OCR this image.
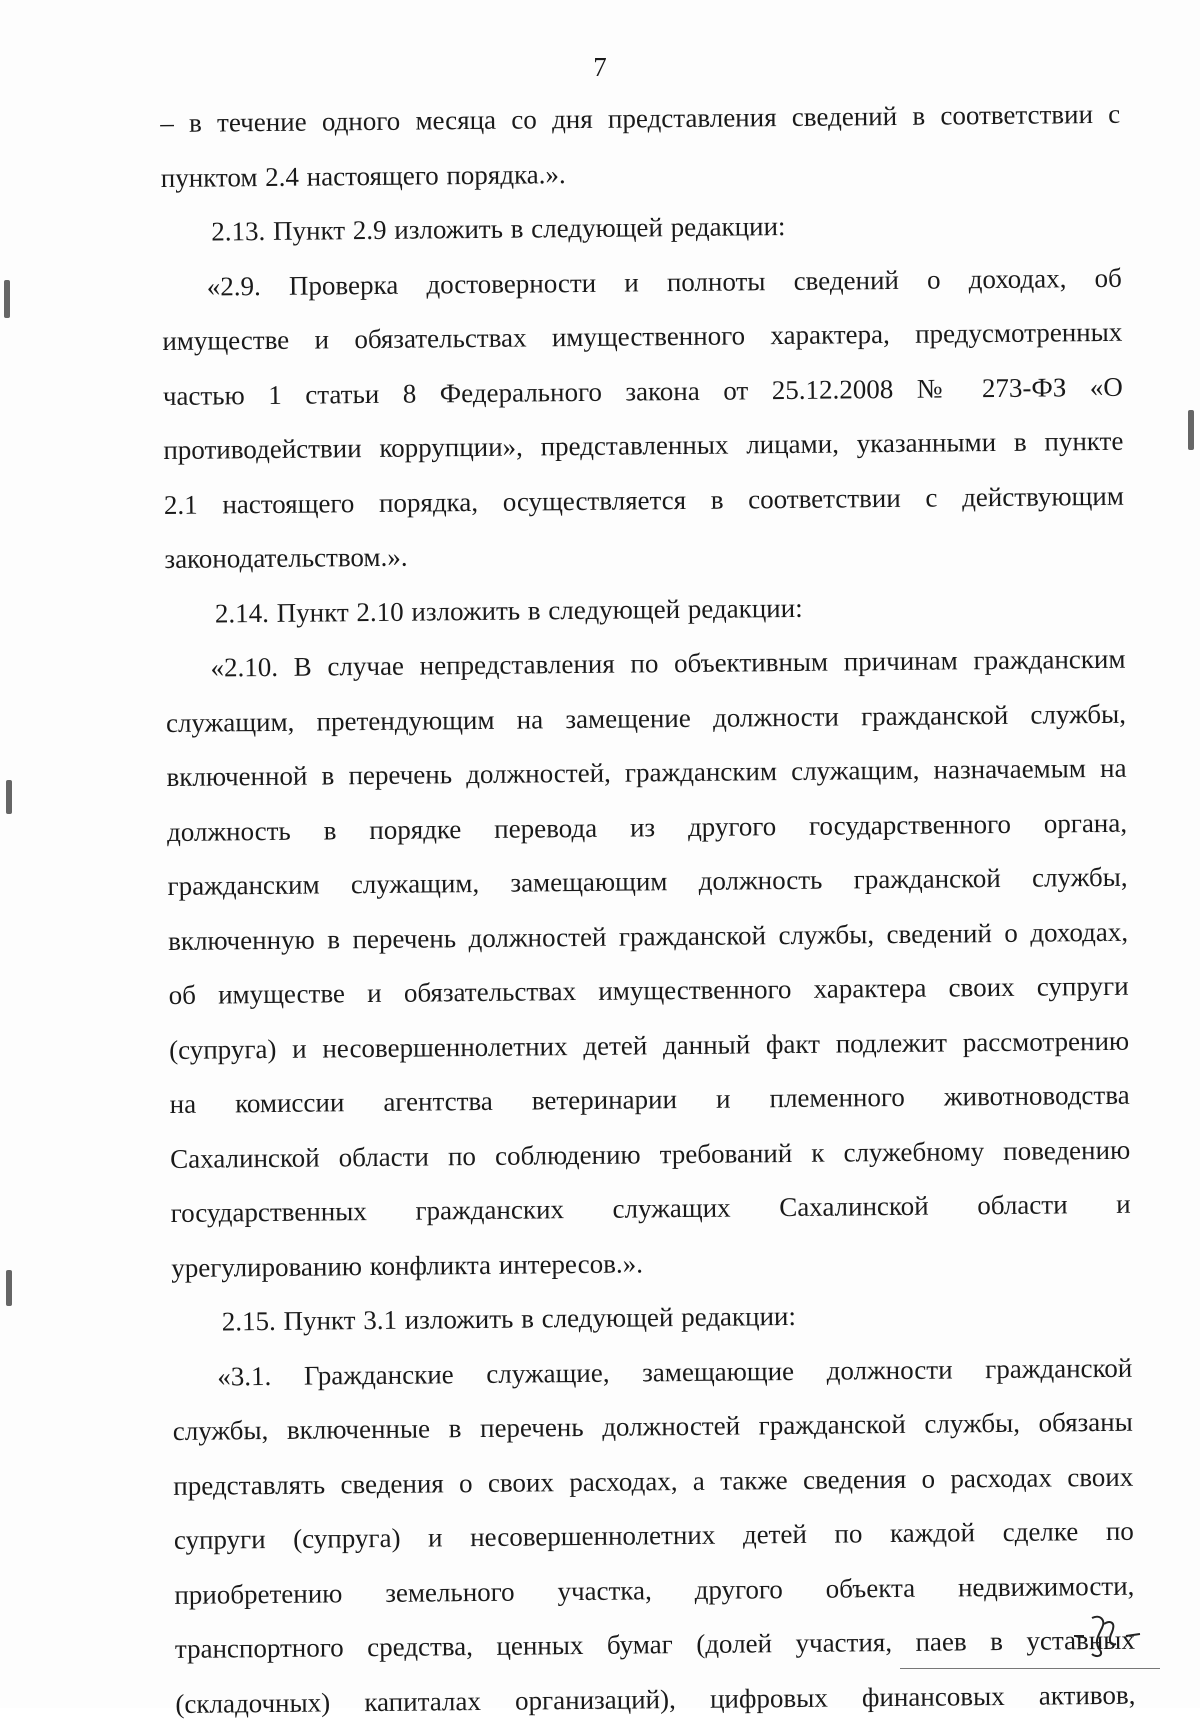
7
– в течение одного месяца со дня представления сведений в соответствии с
пунктом 2.4 настоящего порядка.».
2.13. Пункт 2.9 изложить в следующей редакции:
«2.9. Проверка достоверности и полноты сведений о доходах, об
имуществе и обязательствах имущественного характера, предусмотренных
частью 1 статьи 8 Федерального закона от 25.12.2008 № 273-ФЗ «О
противодействии коррупции», представленных лицами, указанными в пункте
2.1 настоящего порядка, осуществляется в соответствии с действующим
законодательством.».
2.14. Пункт 2.10 изложить в следующей редакции:
«2.10. В случае непредставления по объективным причинам гражданским
служащим, претендующим на замещение должности гражданской службы,
включенной в перечень должностей, гражданским служащим, назначаемым на
должность в порядке перевода из другого государственного органа,
гражданским служащим, замещающим должность гражданской службы,
включенную в перечень должностей гражданской службы, сведений о доходах,
об имуществе и обязательствах имущественного характера своих супруги
(супруга) и несовершеннолетних детей данный факт подлежит рассмотрению
на комиссии агентства ветеринарии и племенного животноводства
Сахалинской области по соблюдению требований к служебному поведению
государственных гражданских служащих Сахалинской области и
урегулированию конфликта интересов.».
2.15. Пункт 3.1 изложить в следующей редакции:
«3.1. Гражданские служащие, замещающие должности гражданской
службы, включенные в перечень должностей гражданской службы, обязаны
представлять сведения о своих расходах, а также сведения о расходах своих
супруги (супруга) и несовершеннолетних детей по каждой сделке по
приобретению земельного участка, другого объекта недвижимости,
транспортного средства, ценных бумаг (долей участия, паев в уставных
(складочных) капиталах организаций), цифровых финансовых активов,
